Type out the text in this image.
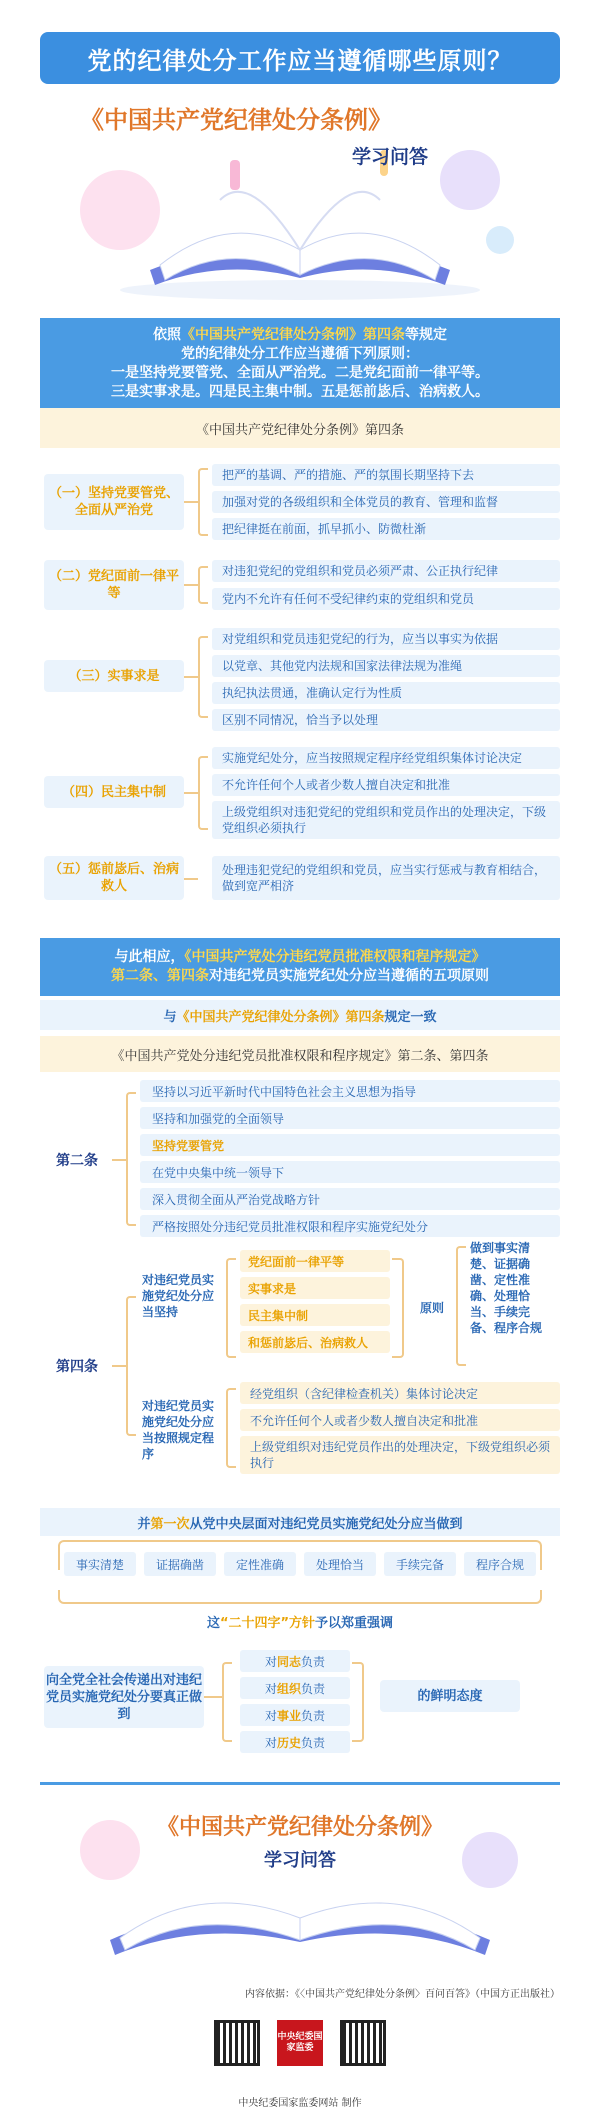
党的纪律处分工作应当遵循哪些原则？
《中国共产党纪律处分条例》
学习问答
依照《中国共产党纪律处分条例》第四条等规定
党的纪律处分工作应当遵循下列原则：
一是坚持党要管党、全面从严治党。二是党纪面前一律平等。
三是实事求是。四是民主集中制。五是惩前毖后、治病救人。
《中国共产党纪律处分条例》第四条
（一）坚持党要管党、全面从严治党
把严的基调、严的措施、严的氛围长期坚持下去
加强对党的各级组织和全体党员的教育、管理和监督
把纪律挺在前面，抓早抓小、防微杜渐
（二）党纪面前一律平等
对违犯党纪的党组织和党员必须严肃、公正执行纪律
党内不允许有任何不受纪律约束的党组织和党员
（三）实事求是
对党组织和党员违犯党纪的行为，应当以事实为依据
以党章、其他党内法规和国家法律法规为准绳
执纪执法贯通，准确认定行为性质
区别不同情况，恰当予以处理
（四）民主集中制
实施党纪处分，应当按照规定程序经党组织集体讨论决定
不允许任何个人或者少数人擅自决定和批准
上级党组织对违犯党纪的党组织和党员作出的处理决定，下级党组织必须执行
（五）惩前毖后、治病救人
处理违犯党纪的党组织和党员，应当实行惩戒与教育相结合，做到宽严相济
与此相应，《中国共产党处分违纪党员批准权限和程序规定》
第二条、第四条对违纪党员实施党纪处分应当遵循的五项原则
与 《中国共产党纪律处分条例》第四条 规定一致
《中国共产党处分违纪党员批准权限和程序规定》第二条、第四条
第二条
坚持以习近平新时代中国特色社会主义思想为指导
坚持和加强党的全面领导
坚持党要管党
在党中央集中统一领导下
深入贯彻全面从严治党战略方针
严格按照处分违纪党员批准权限和程序实施党纪处分
第四条
对违纪党员实施党纪处分应当坚持
党纪面前一律平等
实事求是
民主集中制
和惩前毖后、治病救人
原则
做到事实清楚、证据确凿、定性准确、处理恰当、手续完备、程序合规
对违纪党员实施党纪处分应当按照规定程序
经党组织（含纪律检查机关）集体讨论决定
不允许任何个人或者少数人擅自决定和批准
上级党组织对违纪党员作出的处理决定，下级党组织必须执行
并 第一次 从党中央层面对违纪党员实施党纪处分 应当做到
事实清楚	证据确凿	定性准确	处理恰当	手续完备	程序合规
这“二十四字”方针予以郑重强调
向全党全社会传递出对违纪党员实施党纪处分要真正做到
对 同志 负责
对 组织 负责
对 事业 负责
对 历史 负责
的鲜明态度
《中国共产党纪律处分条例》
学习问答
内容依据：《〈中国共产党纪律处分条例〉百问百答》（中国方正出版社）
中央纪委国家监委
中央纪委国家监委网站 制作
